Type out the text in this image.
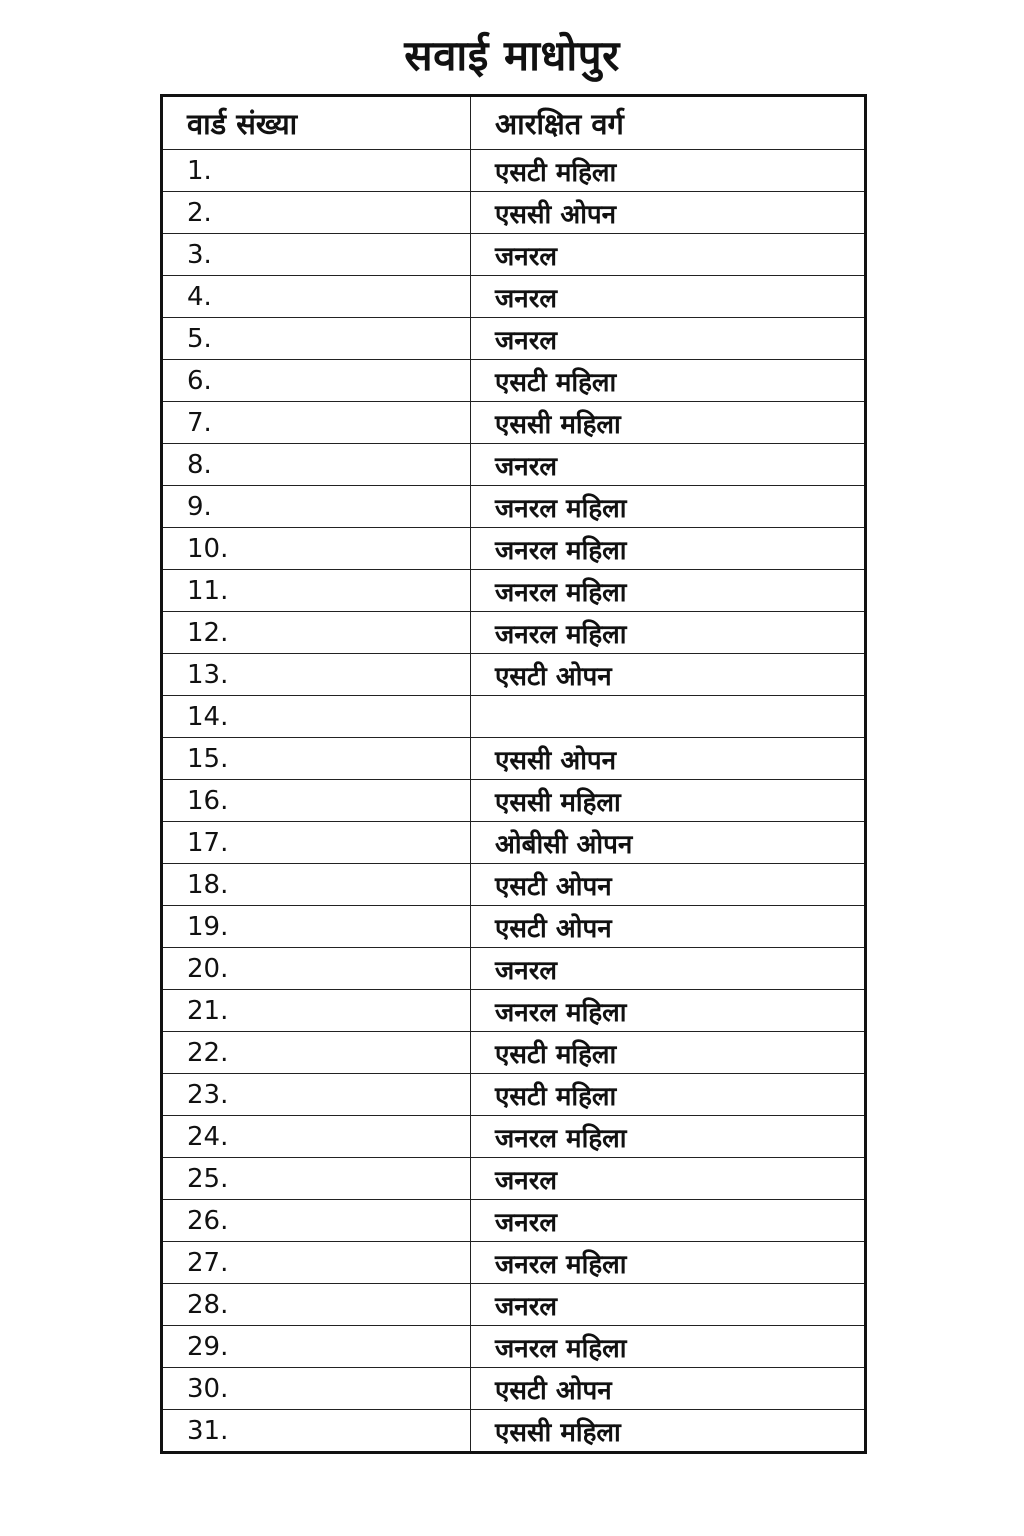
सवाई माधोपुर
वार्ड संख्या	आरक्षित वर्ग
1.	एसटी महिला
2.	एससी ओपन
3.	जनरल
4.	जनरल
5.	जनरल
6.	एसटी महिला
7.	एससी महिला
8.	जनरल
9.	जनरल महिला
10.	जनरल महिला
11.	जनरल महिला
12.	जनरल महिला
13.	एसटी ओपन
14.	
15.	एससी ओपन
16.	एससी महिला
17.	ओबीसी ओपन
18.	एसटी ओपन
19.	एसटी ओपन
20.	जनरल
21.	जनरल महिला
22.	एसटी महिला
23.	एसटी महिला
24.	जनरल महिला
25.	जनरल
26.	जनरल
27.	जनरल महिला
28.	जनरल
29.	जनरल महिला
30.	एसटी ओपन
31.	एससी महिला
